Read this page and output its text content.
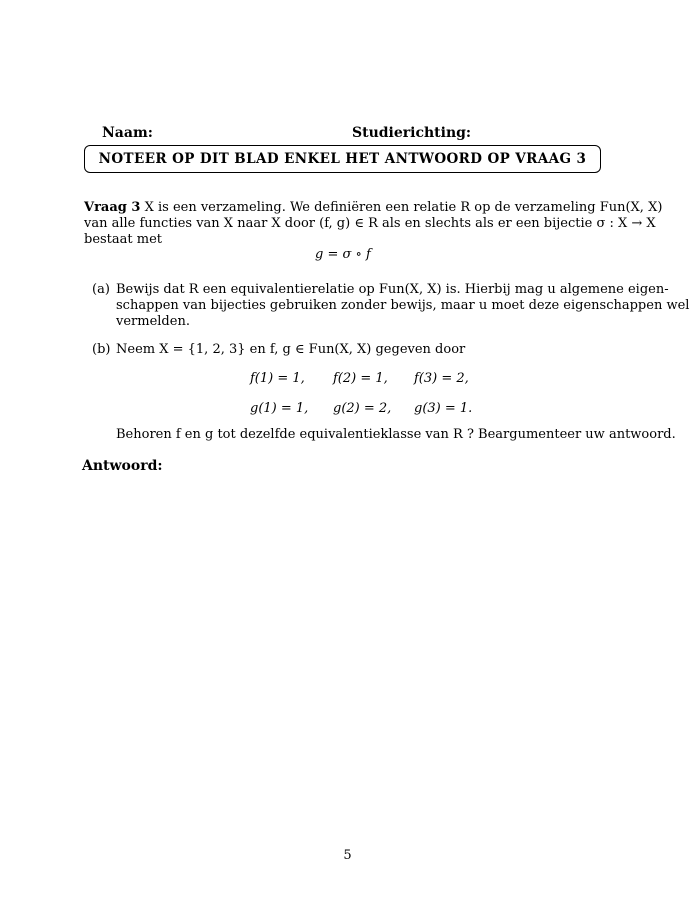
Naam:	Studierichting:
NOTEER OP DIT BLAD ENKEL HET ANTWOORD OP VRAAG 3
Vraag 3 X is een verzameling. We definiëren een relatie R op de verzameling Fun(X, X)
van alle functies van X naar X door (f, g) ∈ R als en slechts als er een bijectie σ : X → X
bestaat met
g = σ ∘ f
(a) Bewijs dat R een equivalentierelatie op Fun(X, X) is. Hierbij mag u algemene eigen-
schappen van bijecties gebruiken zonder bewijs, maar u moet deze eigenschappen wel
vermelden.
(b) Neem X = {1, 2, 3} en f, g ∈ Fun(X, X) gegeven door
f(1) = 1, f(2) = 1, f(3) = 2,
g(1) = 1, g(2) = 2, g(3) = 1.
Behoren f en g tot dezelfde equivalentieklasse van R ? Beargumenteer uw antwoord.
Antwoord:
5
